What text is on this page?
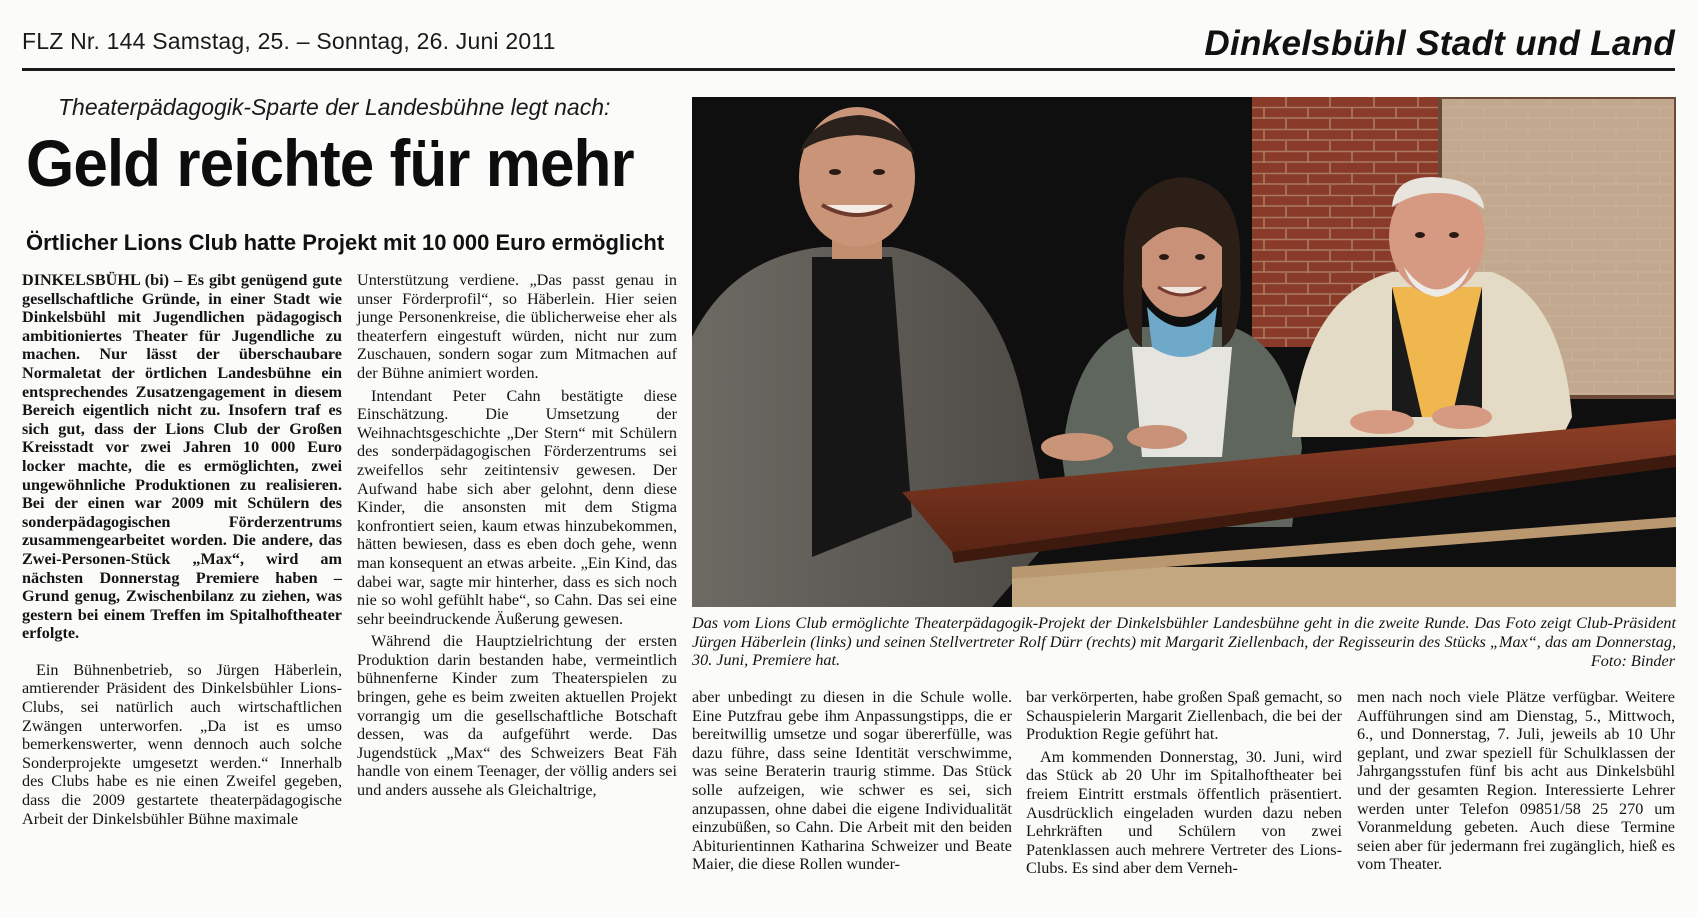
FLZ Nr. 144 Samstag, 25. – Sonntag, 26. Juni 2011	Dinkelsbühl Stadt und Land
Theaterpädagogik-Sparte der Landesbühne legt nach:
Geld reichte für mehr
Örtlicher Lions Club hatte Projekt mit 10 000 Euro ermöglicht

DINKELSBÜHL (bi) – Es gibt genügend gute gesellschaftliche Gründe, in einer Stadt wie Dinkelsbühl mit Jugendlichen pädagogisch ambitioniertes Theater für Jugendliche zu machen. Nur lässt der überschaubare Normaletat der örtlichen Landesbühne ein entsprechendes Zusatzengagement in diesem Bereich eigentlich nicht zu. Insofern traf es sich gut, dass der Lions Club der Großen Kreisstadt vor zwei Jahren 10 000 Euro locker machte, die es ermöglichten, zwei ungewöhnliche Produktionen zu realisieren. Bei der einen war 2009 mit Schülern des sonderpädagogischen Förderzentrums zusammengearbeitet worden. Die andere, das Zwei-Personen-Stück „Max“, wird am nächsten Donnerstag Premiere haben – Grund genug, Zwischenbilanz zu ziehen, was gestern bei einem Treffen im Spitalhoftheater erfolgte.

Ein Bühnenbetrieb, so Jürgen Häberlein, amtierender Präsident des Dinkelsbühler Lions-Clubs, sei natürlich auch wirtschaftlichen Zwängen unterworfen. „Da ist es umso bemerkenswerter, wenn dennoch auch solche Sonderprojekte umgesetzt werden.“ Innerhalb des Clubs habe es nie einen Zweifel gegeben, dass die 2009 gestartete theaterpädagogische Arbeit der Dinkelsbühler Bühne maximale

Unterstützung verdiene. „Das passt genau in unser Förderprofil“, so Häberlein. Hier seien junge Personenkreise, die üblicherweise eher als theaterfern eingestuft würden, nicht nur zum Zuschauen, sondern sogar zum Mitmachen auf der Bühne animiert worden.

Intendant Peter Cahn bestätigte diese Einschätzung. Die Umsetzung der Weihnachtsgeschichte „Der Stern“ mit Schülern des sonderpädagogischen Förderzentrums sei zweifellos sehr zeitintensiv gewesen. Der Aufwand habe sich aber gelohnt, denn diese Kinder, die ansonsten mit dem Stigma konfrontiert seien, kaum etwas hinzubekommen, hätten bewiesen, dass es eben doch gehe, wenn man konsequent an etwas arbeite. „Ein Kind, das dabei war, sagte mir hinterher, dass es sich noch nie so wohl gefühlt habe“, so Cahn. Das sei eine sehr beeindruckende Äußerung gewesen.

Während die Hauptzielrichtung der ersten Produktion darin bestanden habe, vermeintlich bühnenferne Kinder zum Theaterspielen zu bringen, gehe es beim zweiten aktuellen Projekt vorrangig um die gesellschaftliche Botschaft dessen, was da aufgeführt werde. Das Jugendstück „Max“ des Schweizers Beat Fäh handle von einem Teenager, der völlig anders sei und anders aussehe als Gleichaltrige,

Das vom Lions Club ermöglichte Theaterpädagogik-Projekt der Dinkelsbühler Landesbühne geht in die zweite Runde. Das Foto zeigt Club-Präsident Jürgen Häberlein (links) und seinen Stellvertreter Rolf Dürr (rechts) mit Margarit Ziellenbach, der Regisseurin des Stücks „Max“, das am Donnerstag, 30. Juni, Premiere hat.	Foto: Binder

aber unbedingt zu diesen in die Schule wolle. Eine Putzfrau gebe ihm Anpassungstipps, die er bereitwillig umsetze und sogar übererfülle, was dazu führe, dass seine Identität verschwimme, was seine Beraterin traurig stimme. Das Stück solle aufzeigen, wie schwer es sei, sich anzupassen, ohne dabei die eigene Individualität einzubüßen, so Cahn. Die Arbeit mit den beiden Abiturientinnen Katharina Schweizer und Beate Maier, die diese Rollen wunder-

bar verkörperten, habe großen Spaß gemacht, so Schauspielerin Margarit Ziellenbach, die bei der Produktion Regie geführt hat.

Am kommenden Donnerstag, 30. Juni, wird das Stück ab 20 Uhr im Spitalhoftheater bei freiem Eintritt erstmals öffentlich präsentiert. Ausdrücklich eingeladen wurden dazu neben Lehrkräften und Schülern von zwei Patenklassen auch mehrere Vertreter des Lions-Clubs. Es sind aber dem Verneh-

men nach noch viele Plätze verfügbar. Weitere Aufführungen sind am Dienstag, 5., Mittwoch, 6., und Donnerstag, 7. Juli, jeweils ab 10 Uhr geplant, und zwar speziell für Schulklassen der Jahrgangsstufen fünf bis acht aus Dinkelsbühl und der gesamten Region. Interessierte Lehrer werden unter Telefon 09851/58 25 270 um Voranmeldung gebeten. Auch diese Termine seien aber für jedermann frei zugänglich, hieß es vom Theater.
